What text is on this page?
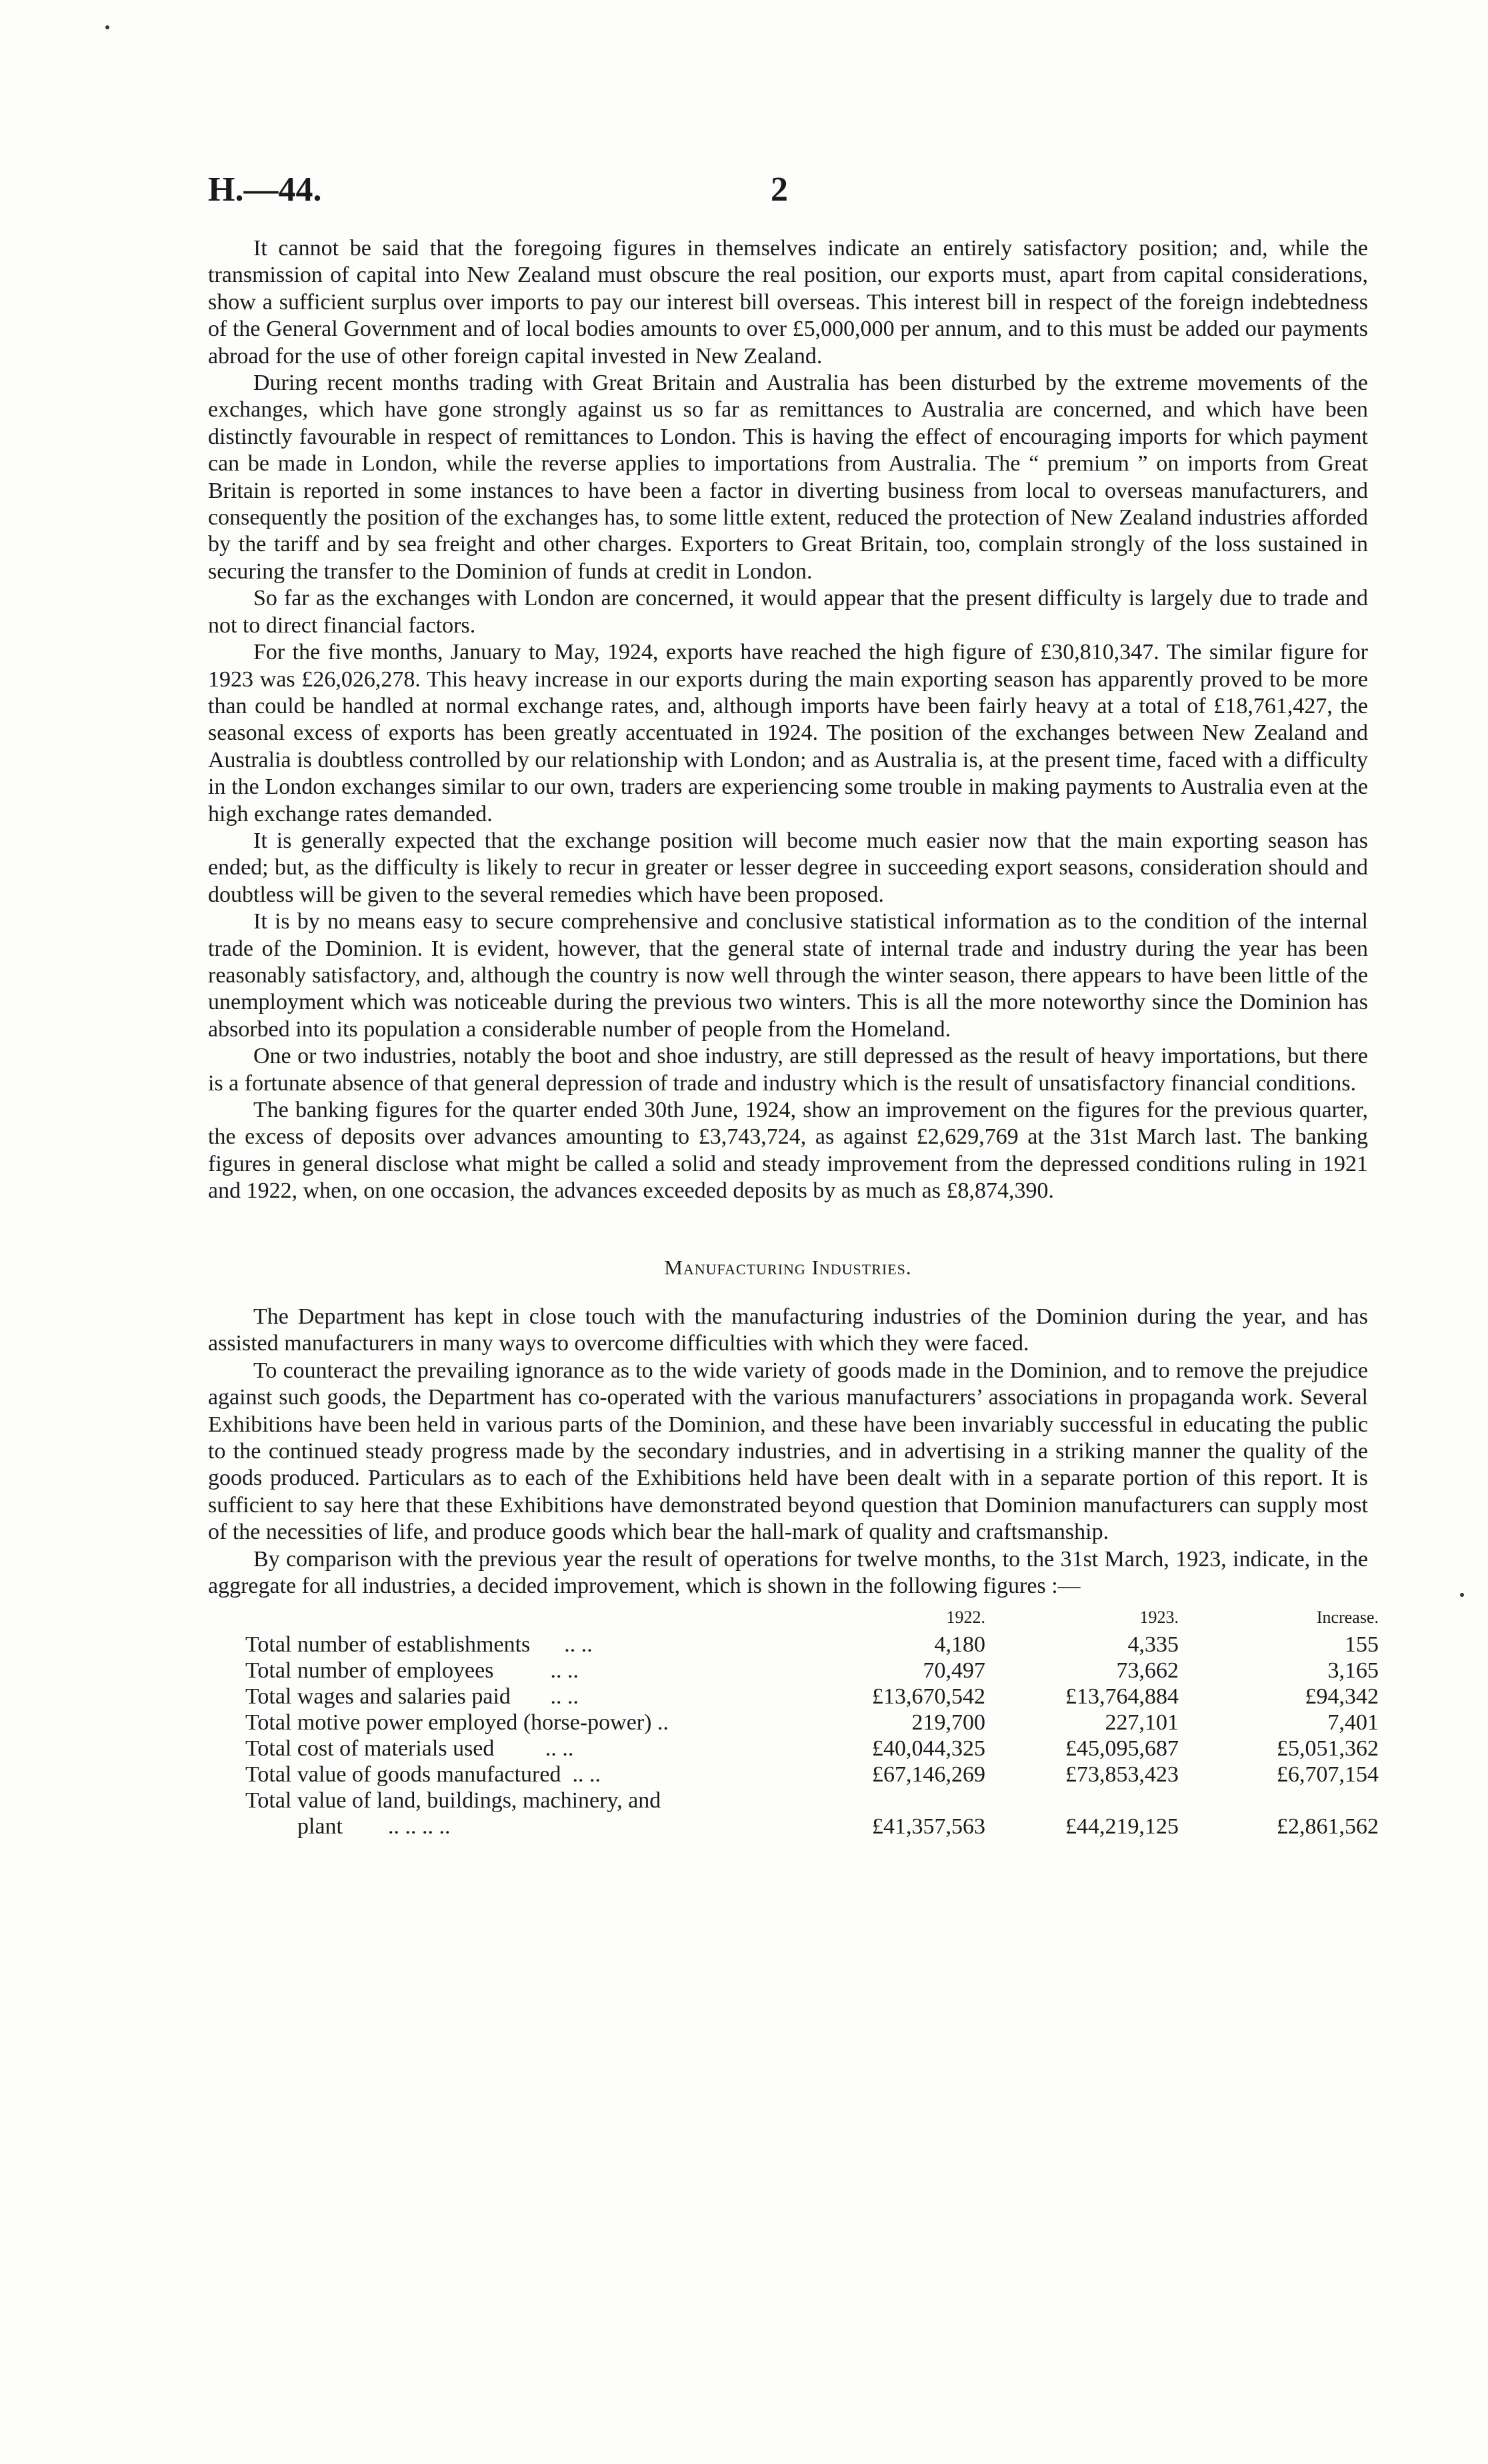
H.—44.	2

It cannot be said that the foregoing figures in themselves indicate an entirely satisfactory position; and, while the transmission of capital into New Zealand must obscure the real position, our exports must, apart from capital considerations, show a sufficient surplus over imports to pay our interest bill overseas. This interest bill in respect of the foreign indebtedness of the General Government and of local bodies amounts to over £5,000,000 per annum, and to this must be added our payments abroad for the use of other foreign capital invested in New Zealand.

During recent months trading with Great Britain and Australia has been disturbed by the extreme movements of the exchanges, which have gone strongly against us so far as remittances to Australia are concerned, and which have been distinctly favourable in respect of remittances to London. This is having the effect of encouraging imports for which payment can be made in London, while the reverse applies to importations from Australia. The “ premium ” on imports from Great Britain is reported in some instances to have been a factor in diverting business from local to overseas manufacturers, and consequently the position of the exchanges has, to some little extent, reduced the protection of New Zealand industries afforded by the tariff and by sea freight and other charges. Exporters to Great Britain, too, complain strongly of the loss sustained in securing the transfer to the Dominion of funds at credit in London.

So far as the exchanges with London are concerned, it would appear that the present difficulty is largely due to trade and not to direct financial factors.

For the five months, January to May, 1924, exports have reached the high figure of £30,810,347. The similar figure for 1923 was £26,026,278. This heavy increase in our exports during the main exporting season has apparently proved to be more than could be handled at normal exchange rates, and, although imports have been fairly heavy at a total of £18,761,427, the seasonal excess of exports has been greatly accentuated in 1924. The position of the exchanges between New Zealand and Australia is doubtless controlled by our relationship with London; and as Australia is, at the present time, faced with a difficulty in the London exchanges similar to our own, traders are experiencing some trouble in making payments to Australia even at the high exchange rates demanded.

It is generally expected that the exchange position will become much easier now that the main exporting season has ended; but, as the difficulty is likely to recur in greater or lesser degree in succeeding export seasons, consideration should and doubtless will be given to the several remedies which have been proposed.

It is by no means easy to secure comprehensive and conclusive statistical information as to the condition of the internal trade of the Dominion. It is evident, however, that the general state of internal trade and industry during the year has been reasonably satisfactory, and, although the country is now well through the winter season, there appears to have been little of the unemployment which was noticeable during the previous two winters. This is all the more noteworthy since the Dominion has absorbed into its population a considerable number of people from the Homeland.

One or two industries, notably the boot and shoe industry, are still depressed as the result of heavy importations, but there is a fortunate absence of that general depression of trade and industry which is the result of unsatisfactory financial conditions.

The banking figures for the quarter ended 30th June, 1924, show an improvement on the figures for the previous quarter, the excess of deposits over advances amounting to £3,743,724, as against £2,629,769 at the 31st March last. The banking figures in general disclose what might be called a solid and steady improvement from the depressed conditions ruling in 1921 and 1922, when, on one occasion, the advances exceeded deposits by as much as £8,874,390.

Manufacturing Industries.

The Department has kept in close touch with the manufacturing industries of the Dominion during the year, and has assisted manufacturers in many ways to overcome difficulties with which they were faced.

To counteract the prevailing ignorance as to the wide variety of goods made in the Dominion, and to remove the prejudice against such goods, the Department has co-operated with the various manufacturers’ associations in propaganda work. Several Exhibitions have been held in various parts of the Dominion, and these have been invariably successful in educating the public to the continued steady progress made by the secondary industries, and in advertising in a striking manner the quality of the goods produced. Particulars as to each of the Exhibitions held have been dealt with in a separate portion of this report. It is sufficient to say here that these Exhibitions have demonstrated beyond question that Dominion manufacturers can supply most of the necessities of life, and produce goods which bear the hall-mark of quality and craftsmanship.

By comparison with the previous year the result of operations for twelve months, to the 31st March, 1923, indicate, in the aggregate for all industries, a decided improvement, which is shown in the following figures :—

	1922.	1923.	Increase.
Total number of establishments .. ..	4,180	4,335	155
Total number of employees .. ..	70,497	73,662	3,165
Total wages and salaries paid .. ..	£13,670,542	£13,764,884	£94,342
Total motive power employed (horse-power) ..	219,700	227,101	7,401
Total cost of materials used .. ..	£40,044,325	£45,095,687	£5,051,362
Total value of goods manufactured .. ..	£67,146,269	£73,853,423	£6,707,154
Total value of land, buildings, machinery, and			
plant .. .. .. ..	£41,357,563	£44,219,125	£2,861,562
